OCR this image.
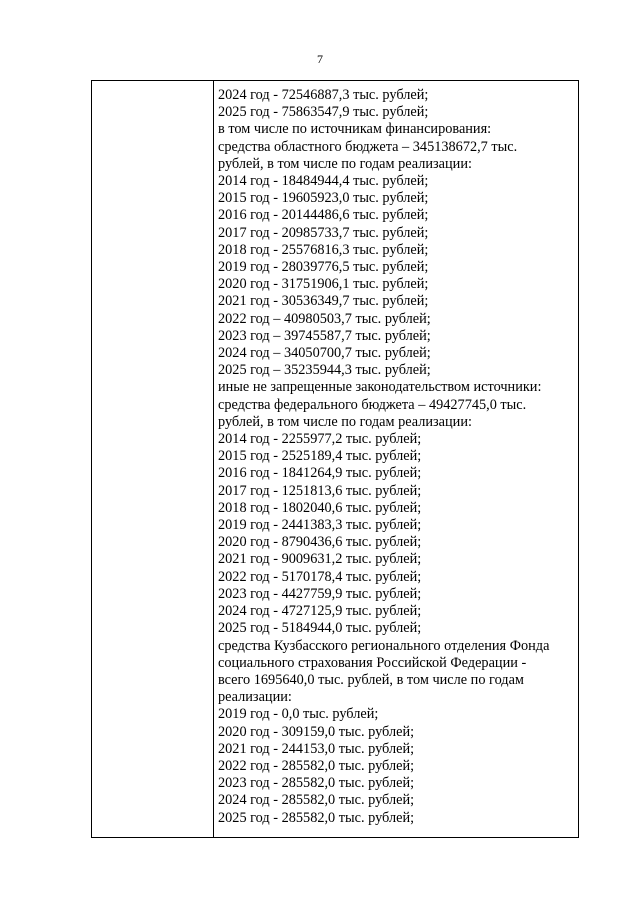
7
2024 год - 72546887,3 тыс. рублей;
2025 год - 75863547,9 тыс. рублей;
в том числе по источникам финансирования:
средства областного бюджета – 345138672,7 тыс.
рублей, в том числе по годам реализации:
2014 год - 18484944,4 тыс. рублей;
2015 год - 19605923,0 тыс. рублей;
2016 год - 20144486,6 тыс. рублей;
2017 год - 20985733,7 тыс. рублей;
2018 год - 25576816,3 тыс. рублей;
2019 год - 28039776,5 тыс. рублей;
2020 год - 31751906,1 тыс. рублей;
2021 год - 30536349,7 тыс. рублей;
2022 год – 40980503,7 тыс. рублей;
2023 год – 39745587,7 тыс. рублей;
2024 год – 34050700,7 тыс. рублей;
2025 год – 35235944,3 тыс. рублей;
иные не запрещенные законодательством источники:
средства федерального бюджета – 49427745,0 тыс.
рублей, в том числе по годам реализации:
2014 год - 2255977,2 тыс. рублей;
2015 год - 2525189,4 тыс. рублей;
2016 год - 1841264,9 тыс. рублей;
2017 год - 1251813,6 тыс. рублей;
2018 год - 1802040,6 тыс. рублей;
2019 год - 2441383,3 тыс. рублей;
2020 год - 8790436,6 тыс. рублей;
2021 год - 9009631,2 тыс. рублей;
2022 год - 5170178,4 тыс. рублей;
2023 год - 4427759,9 тыс. рублей;
2024 год - 4727125,9 тыс. рублей;
2025 год - 5184944,0 тыс. рублей;
средства Кузбасского регионального отделения Фонда
социального страхования Российской Федерации -
всего 1695640,0 тыс. рублей, в том числе по годам
реализации:
2019 год - 0,0 тыс. рублей;
2020 год - 309159,0 тыс. рублей;
2021 год - 244153,0 тыс. рублей;
2022 год - 285582,0 тыс. рублей;
2023 год - 285582,0 тыс. рублей;
2024 год - 285582,0 тыс. рублей;
2025 год - 285582,0 тыс. рублей;
